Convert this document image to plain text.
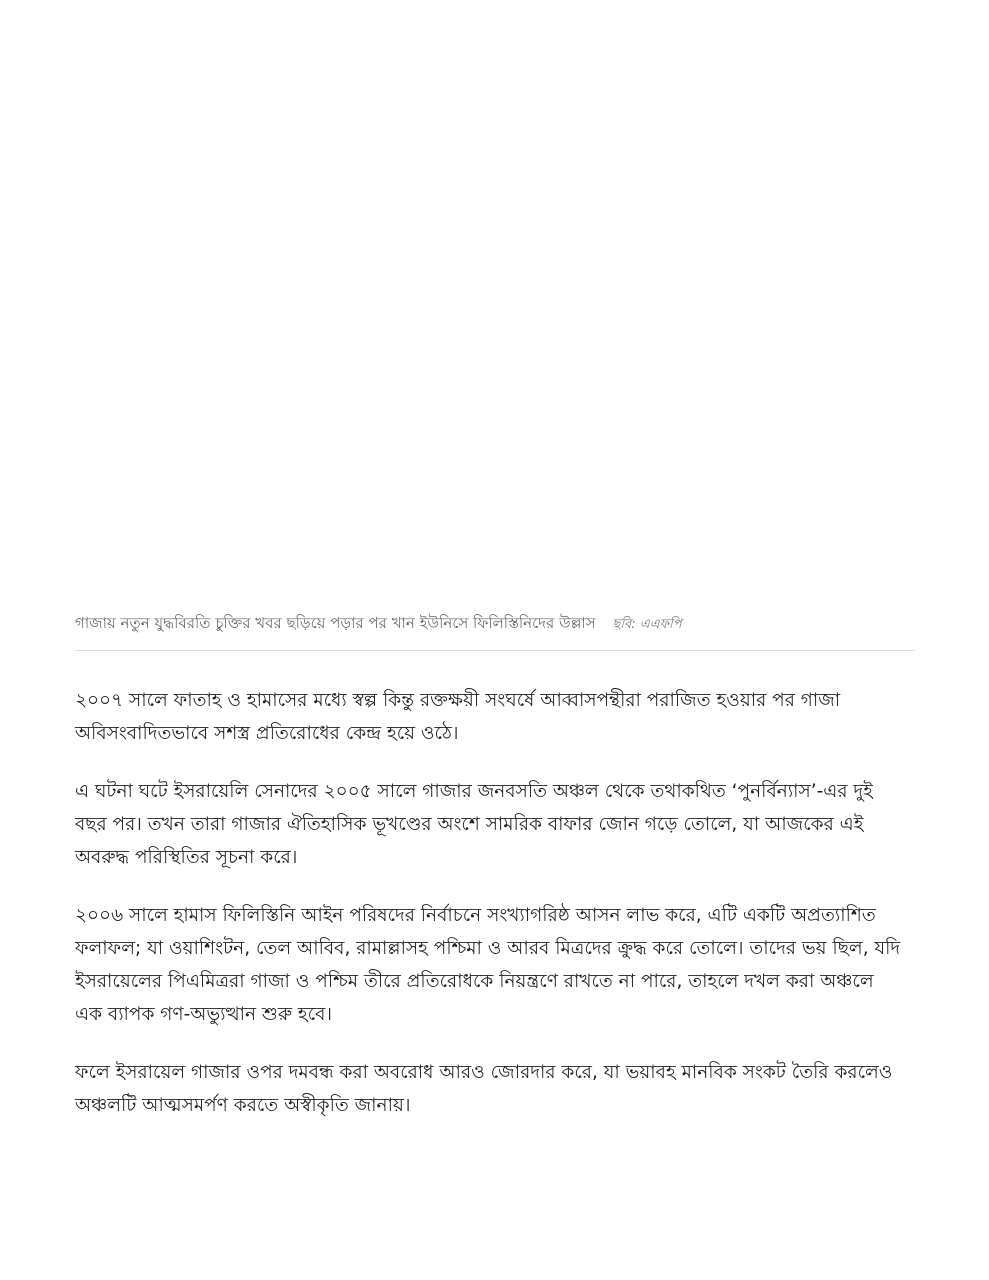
গাজায় নতুন যুদ্ধবিরতি চুক্তির খবর ছড়িয়ে পড়ার পর খান ইউনিসে ফিলিস্তিনিদের উল্লাস ছবি: এএফপি

২০০৭ সালে ফাতাহ ও হামাসের মধ্যে স্বল্প কিন্তু রক্তক্ষয়ী সংঘর্ষে আব্বাসপন্থীরা পরাজিত হওয়ার পর গাজা অবিসংবাদিতভাবে সশস্ত্র প্রতিরোধের কেন্দ্র হয়ে ওঠে।

এ ঘটনা ঘটে ইসরায়েলি সেনাদের ২০০৫ সালে গাজার জনবসতি অঞ্চল থেকে তথাকথিত ‘পুনর্বিন্যাস’-এর দুই বছর পর। তখন তারা গাজার ঐতিহাসিক ভূখণ্ডের অংশে সামরিক বাফার জোন গড়ে তোলে, যা আজকের এই অবরুদ্ধ পরিস্থিতির সূচনা করে।

২০০৬ সালে হামাস ফিলিস্তিনি আইন পরিষদের নির্বাচনে সংখ্যাগরিষ্ঠ আসন লাভ করে, এটি একটি অপ্রত্যাশিত ফলাফল; যা ওয়াশিংটন, তেল আবিব, রামাল্লাসহ পশ্চিমা ও আরব মিত্রদের ক্রুদ্ধ করে তোলে। তাদের ভয় ছিল, যদি ইসরায়েলের পিএমিত্ররা গাজা ও পশ্চিম তীরে প্রতিরোধকে নিয়ন্ত্রণে রাখতে না পারে, তাহলে দখল করা অঞ্চলে এক ব্যাপক গণ-অভ্যুত্থান শুরু হবে।

ফলে ইসরায়েল গাজার ওপর দমবন্ধ করা অবরোধ আরও জোরদার করে, যা ভয়াবহ মানবিক সংকট তৈরি করলেও অঞ্চলটি আত্মসমর্পণ করতে অস্বীকৃতি জানায়।
